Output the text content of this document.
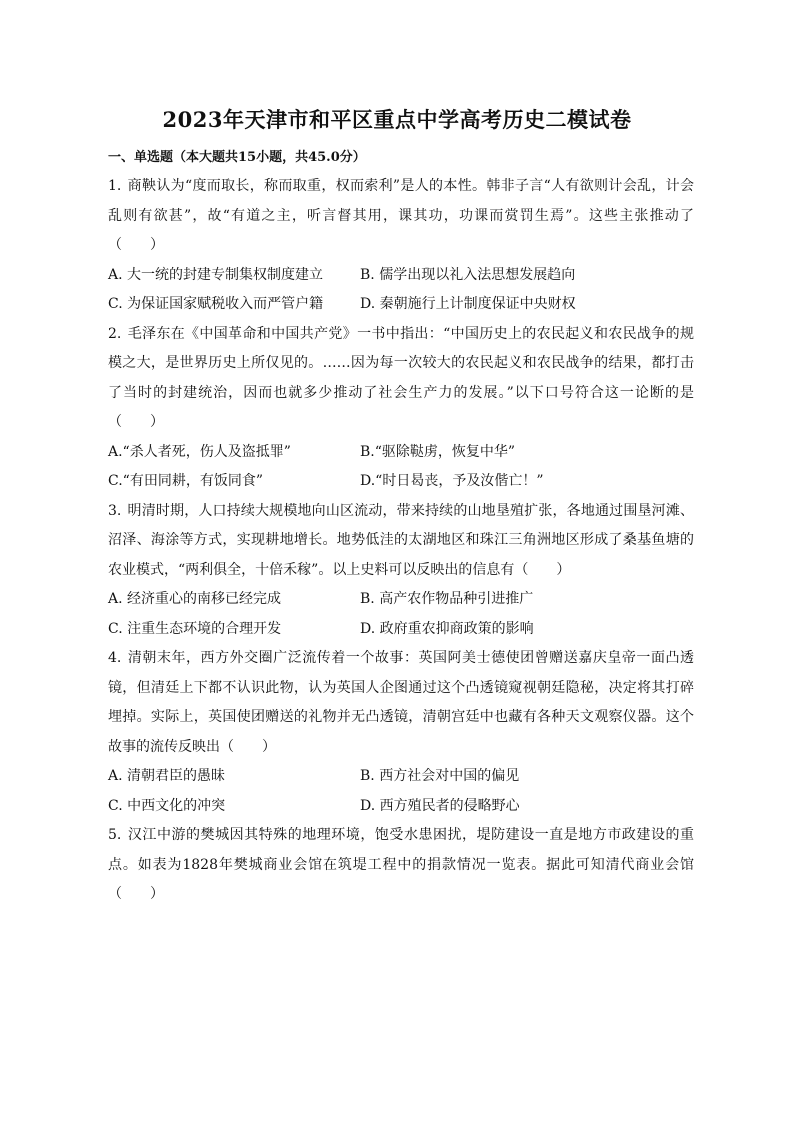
2023年天津市和平区重点中学高考历史二模试卷
一、单选题（本大题共15小题，共45.0分）

1. 商鞅认为“度而取长，称而取重，权而索利”是人的本性。韩非子言“人有欲则计会乱，计会乱则有欲甚”，故“有道之主，听言督其用，课其功，功课而赏罚生焉”。这些主张推动了（　　）

A. 大一统的封建专制集权制度建立	B. 儒学出现以礼入法思想发展趋向
C. 为保证国家赋税收入而严管户籍	D. 秦朝施行上计制度保证中央财权

2. 毛泽东在《中国革命和中国共产党》一书中指出：“中国历史上的农民起义和农民战争的规模之大，是世界历史上所仅见的。……因为每一次较大的农民起义和农民战争的结果，都打击了当时的封建统治，因而也就多少推动了社会生产力的发展。”以下口号符合这一论断的是（　　）

A.“杀人者死，伤人及盗抵罪”	B.“驱除鞑虏，恢复中华”
C.“有田同耕，有饭同食”	D.“时日曷丧，予及汝偕亡！”

3. 明清时期，人口持续大规模地向山区流动，带来持续的山地垦殖扩张，各地通过围垦河滩、沼泽、海涂等方式，实现耕地增长。地势低洼的太湖地区和珠江三角洲地区形成了桑基鱼塘的农业模式，“两利俱全，十倍禾稼”。以上史料可以反映出的信息有（　　）

A. 经济重心的南移已经完成	B. 高产农作物品种引进推广
C. 注重生态环境的合理开发	D. 政府重农抑商政策的影响

4. 清朝末年，西方外交圈广泛流传着一个故事：英国阿美士德使团曾赠送嘉庆皇帝一面凸透镜，但清廷上下都不认识此物，认为英国人企图通过这个凸透镜窥视朝廷隐秘，决定将其打碎埋掉。实际上，英国使团赠送的礼物并无凸透镜，清朝宫廷中也藏有各种天文观察仪器。这个故事的流传反映出（　　）

A. 清朝君臣的愚昧	B. 西方社会对中国的偏见
C. 中西文化的冲突	D. 西方殖民者的侵略野心

5. 汉江中游的樊城因其特殊的地理环境，饱受水患困扰，堤防建设一直是地方市政建设的重点。如表为1828年樊城商业会馆在筑堤工程中的捐款情况一览表。据此可知清代商业会馆（　　）
